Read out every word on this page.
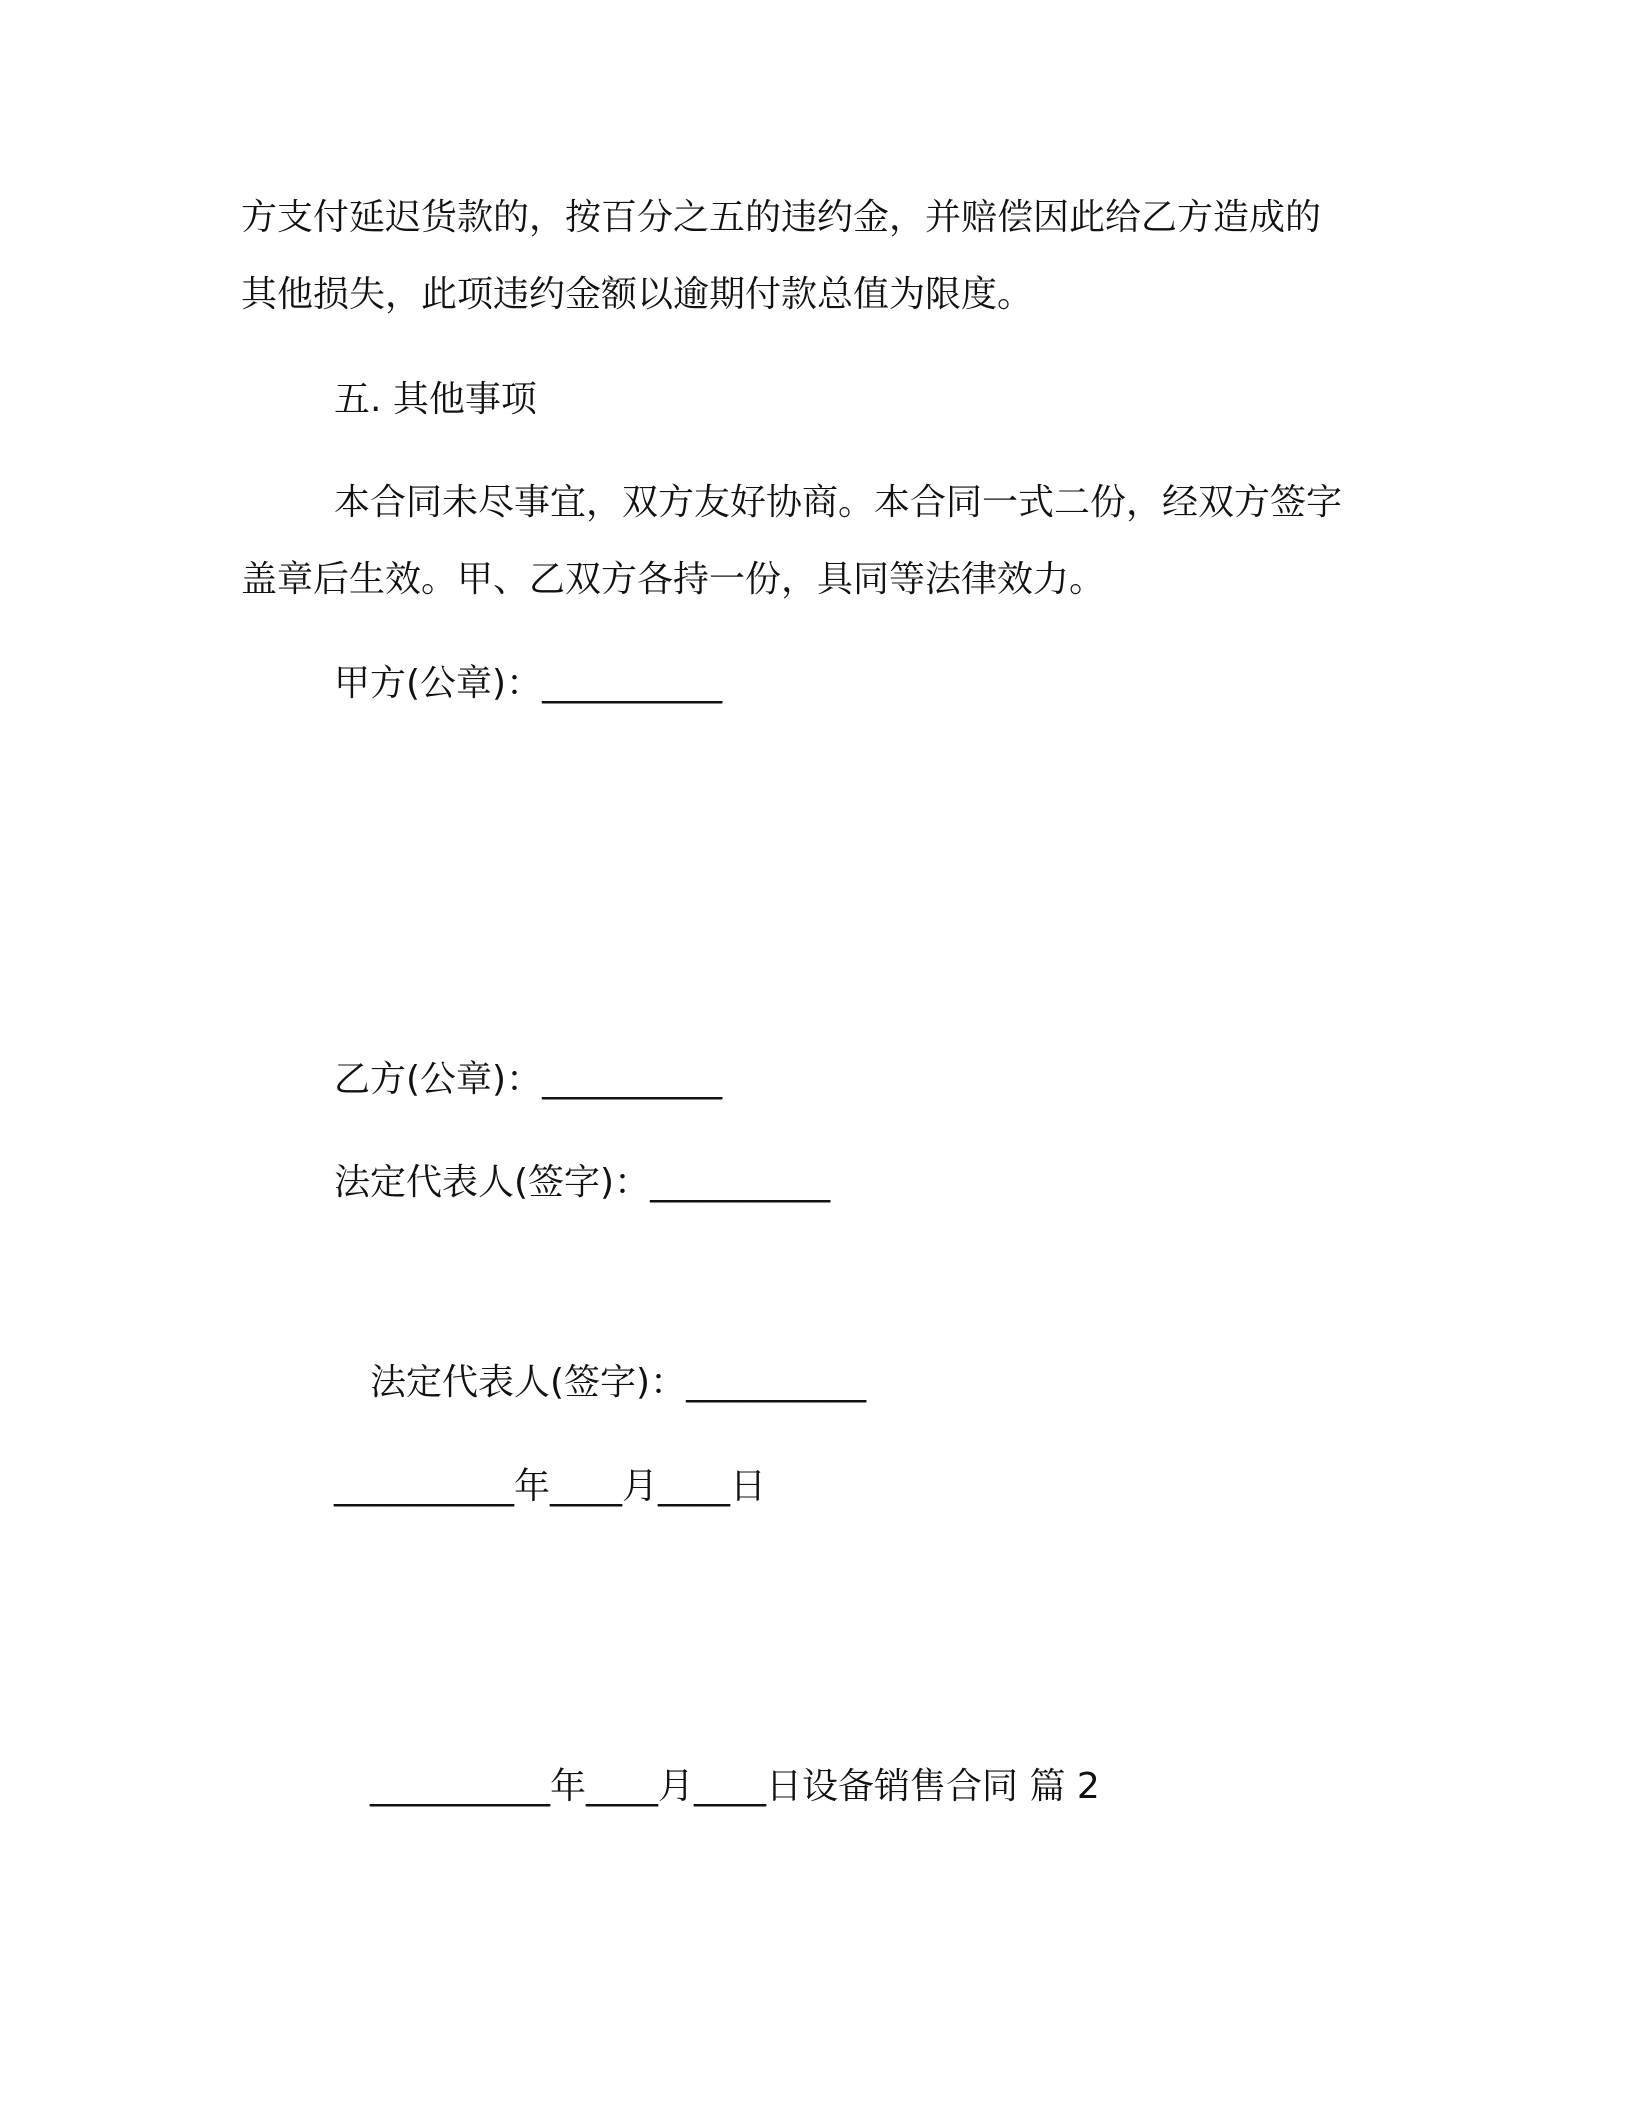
方支付延迟货款的，按百分之五的违约金，并赔偿因此给乙方造成的

其他损失，此项违约金额以逾期付款总值为限度。

五. 其他事项

本合同未尽事宜，双方友好协商。本合同一式二份，经双方签字

盖章后生效。甲、乙双方各持一份，具同等法律效力。

甲方(公章)：__________

乙方(公章)：__________

法定代表人(签字)：__________

法定代表人(签字)：__________

__________年____月____日

__________年____月____日设备销售合同 篇 2
